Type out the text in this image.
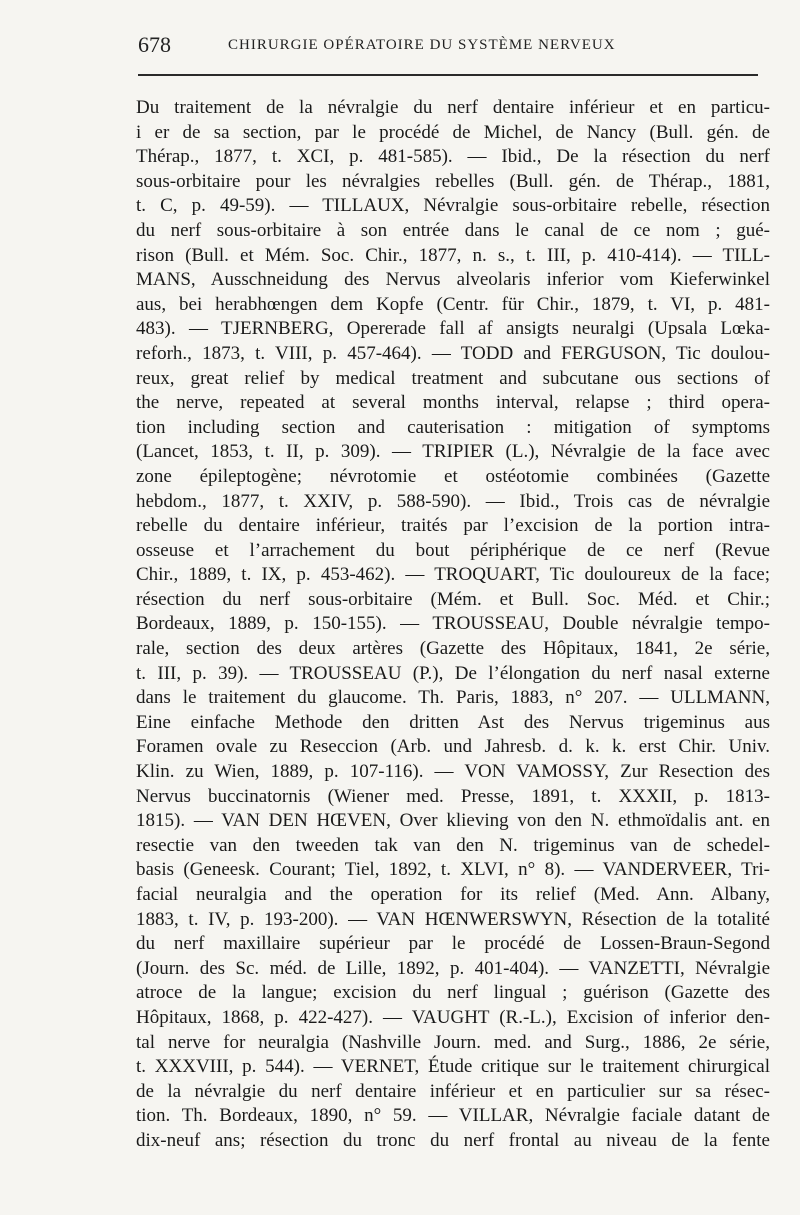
678	CHIRURGIE OPÉRATOIRE DU SYSTÈME NERVEUX
Du traitement de la névralgie du nerf dentaire inférieur et en particu-
i er de sa section, par le procédé de Michel, de Nancy (Bull. gén. de
Thérap., 1877, t. XCI, p. 481-585). — Ibid., De la résection du nerf
sous-orbitaire pour les névralgies rebelles (Bull. gén. de Thérap., 1881,
t. C, p. 49-59). — TILLAUX, Névralgie sous-orbitaire rebelle, résection
du nerf sous-orbitaire à son entrée dans le canal de ce nom ; gué-
rison (Bull. et Mém. Soc. Chir., 1877, n. s., t. III, p. 410-414). — TILL-
MANS, Ausschneidung des Nervus alveolaris inferior vom Kieferwinkel
aus, bei herabhœngen dem Kopfe (Centr. für Chir., 1879, t. VI, p. 481-
483). — TJERNBERG, Opererade fall af ansigts neuralgi (Upsala Lœka-
reforh., 1873, t. VIII, p. 457-464). — TODD and FERGUSON, Tic doulou-
reux, great relief by medical treatment and subcutane ous sections of
the nerve, repeated at several months interval, relapse ; third opera-
tion including section and cauterisation : mitigation of symptoms
(Lancet, 1853, t. II, p. 309). — TRIPIER (L.), Névralgie de la face avec
zone épileptogène; névrotomie et ostéotomie combinées (Gazette
hebdom., 1877, t. XXIV, p. 588-590). — Ibid., Trois cas de névralgie
rebelle du dentaire inférieur, traités par l’excision de la portion intra-
osseuse et l’arrachement du bout périphérique de ce nerf (Revue
Chir., 1889, t. IX, p. 453-462). — TROQUART, Tic douloureux de la face;
résection du nerf sous-orbitaire (Mém. et Bull. Soc. Méd. et Chir.;
Bordeaux, 1889, p. 150-155). — TROUSSEAU, Double névralgie tempo-
rale, section des deux artères (Gazette des Hôpitaux, 1841, 2e série,
t. III, p. 39). — TROUSSEAU (P.), De l’élongation du nerf nasal externe
dans le traitement du glaucome. Th. Paris, 1883, n° 207. — ULLMANN,
Eine einfache Methode den dritten Ast des Nervus trigeminus aus
Foramen ovale zu Reseccion (Arb. und Jahresb. d. k. k. erst Chir. Univ.
Klin. zu Wien, 1889, p. 107-116). — VON VAMOSSY, Zur Resection des
Nervus buccinatornis (Wiener med. Presse, 1891, t. XXXII, p. 1813-
1815). — VAN DEN HŒVEN, Over klieving von den N. ethmoïdalis ant. en
resectie van den tweeden tak van den N. trigeminus van de schedel-
basis (Geneesk. Courant; Tiel, 1892, t. XLVI, n° 8). — VANDERVEER, Tri-
facial neuralgia and the operation for its relief (Med. Ann. Albany,
1883, t. IV, p. 193-200). — VAN HŒNWERSWYN, Résection de la totalité
du nerf maxillaire supérieur par le procédé de Lossen-Braun-Segond
(Journ. des Sc. méd. de Lille, 1892, p. 401-404). — VANZETTI, Névralgie
atroce de la langue; excision du nerf lingual ; guérison (Gazette des
Hôpitaux, 1868, p. 422-427). — VAUGHT (R.-L.), Excision of inferior den-
tal nerve for neuralgia (Nashville Journ. med. and Surg., 1886, 2e série,
t. XXXVIII, p. 544). — VERNET, Étude critique sur le traitement chirurgical
de la névralgie du nerf dentaire inférieur et en particulier sur sa résec-
tion. Th. Bordeaux, 1890, n° 59. — VILLAR, Névralgie faciale datant de
dix-neuf ans; résection du tronc du nerf frontal au niveau de la fente
